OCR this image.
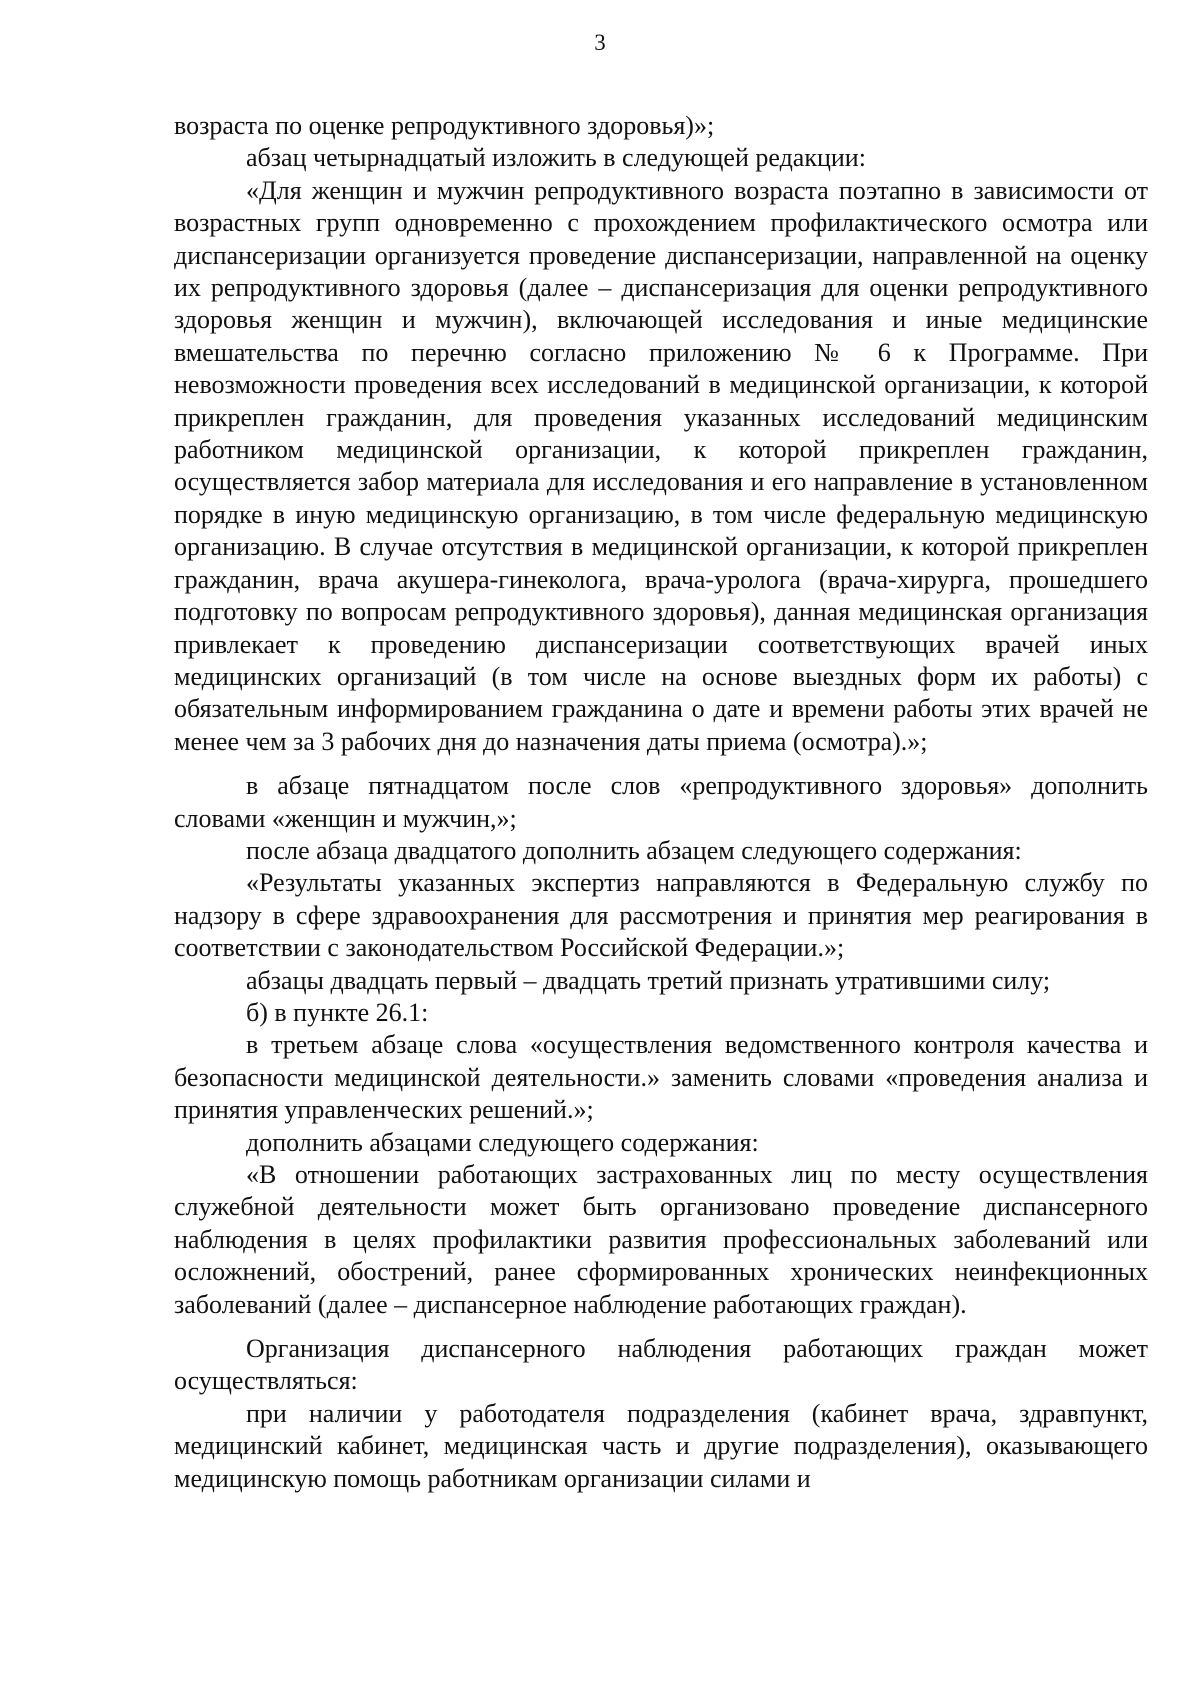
3

возраста по оценке репродуктивного здоровья)»;

абзац четырнадцатый изложить в следующей редакции:

«Для женщин и мужчин репродуктивного возраста поэтапно в зависимости от возрастных групп одновременно с прохождением профилактического осмотра или диспансеризации организуется проведение диспансеризации, направленной на оценку их репродуктивного здоровья (далее – диспансеризация для оценки репродуктивного здоровья женщин и мужчин), включающей исследования и иные медицинские вмешательства по перечню согласно приложению № 6 к Программе. При невозможности проведения всех исследований в медицинской организации, к которой прикреплен гражданин, для проведения указанных исследований медицинским работником медицинской организации, к которой прикреплен гражданин, осуществляется забор материала для исследования и его направление в установленном порядке в иную медицинскую организацию, в том числе федеральную медицинскую организацию. В случае отсутствия в медицинской организации, к которой прикреплен гражданин, врача акушера-гинеколога, врача-уролога (врача-хирурга, прошедшего подготовку по вопросам репродуктивного здоровья), данная медицинская организация привлекает к проведению диспансеризации соответствующих врачей иных медицинских организаций (в том числе на основе выездных форм их работы) с обязательным информированием гражданина о дате и времени работы этих врачей не менее чем за 3 рабочих дня до назначения даты приема (осмотра).»;

в абзаце пятнадцатом после слов «репродуктивного здоровья» дополнить словами «женщин и мужчин,»;

после абзаца двадцатого дополнить абзацем следующего содержания:

«Результаты указанных экспертиз направляются в Федеральную службу по надзору в сфере здравоохранения для рассмотрения и принятия мер реагирования в соответствии с законодательством Российской Федерации.»;

абзацы двадцать первый – двадцать третий признать утратившими силу;

б) в пункте 26.1:

в третьем абзаце слова «осуществления ведомственного контроля качества и безопасности медицинской деятельности.» заменить словами «проведения анализа и принятия управленческих решений.»;

дополнить абзацами следующего содержания:

«В отношении работающих застрахованных лиц по месту осуществления служебной деятельности может быть организовано проведение диспансерного наблюдения в целях профилактики развития профессиональных заболеваний или осложнений, обострений, ранее сформированных хронических неинфекционных заболеваний (далее – диспансерное наблюдение работающих граждан).

Организация диспансерного наблюдения работающих граждан может осуществляться:

при наличии у работодателя подразделения (кабинет врача, здравпункт, медицинский кабинет, медицинская часть и другие подразделения), оказывающего медицинскую помощь работникам организации силами и
